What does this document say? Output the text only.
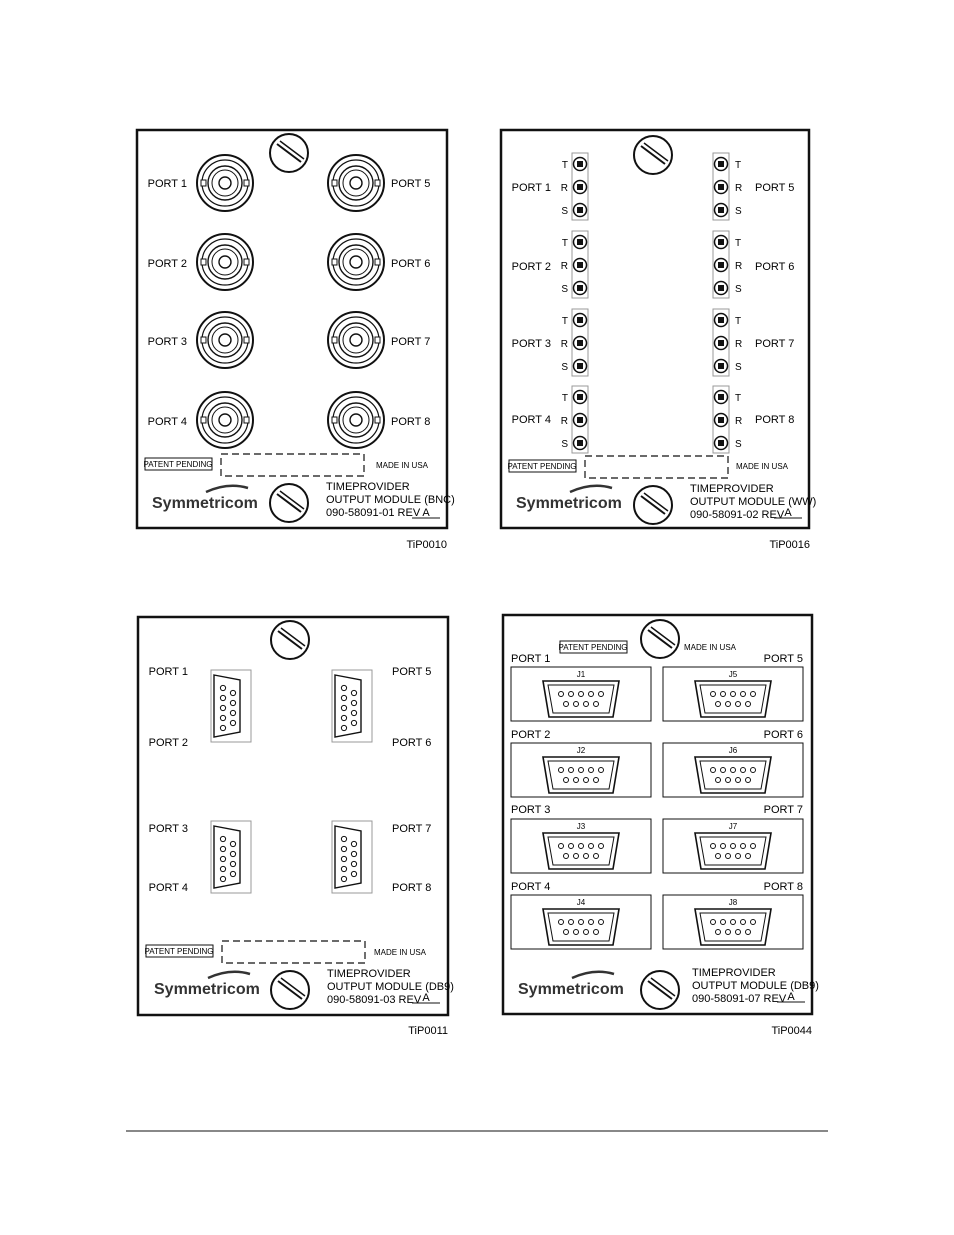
PORT 1
PORT 2
PORT 3
PORT 4
PORT 5
PORT 6
PORT 7
PORT 8
PATENT PENDING	MADE IN USA
Symmetricom
TIMEPROVIDER
OUTPUT MODULE (BNC)
090-58091-01 REV A
TiP0010
T
R
S
T
R
S
T
R
S
T
R
S
T
R
S
T
R
S
T
R
S
T
R
S
PORT 1
PORT 2
PORT 3
PORT 4
PORT 5
PORT 6
PORT 7
PORT 8
PATENT PENDING	MADE IN USA
Symmetricom
TIMEPROVIDER
OUTPUT MODULE (WW)
090-58091-02 REV A
TiP0016
PORT 1
PORT 2
PORT 3
PORT 4
PORT 5
PORT 6
PORT 7
PORT 8
PATENT PENDING	MADE IN USA
Symmetricom
TIMEPROVIDER
OUTPUT MODULE (DB9)
090-58091-03 REV A
TiP0011
PATENT PENDING	MADE IN USA
PORT 1
PORT 2
PORT 3
PORT 4
PORT 5
PORT 6
PORT 7
PORT 8
J1
J2
J3
J4
J5
J6
J7
J8
Symmetricom
TIMEPROVIDER
OUTPUT MODULE (DB9)
090-58091-07 REV A
TiP0044
